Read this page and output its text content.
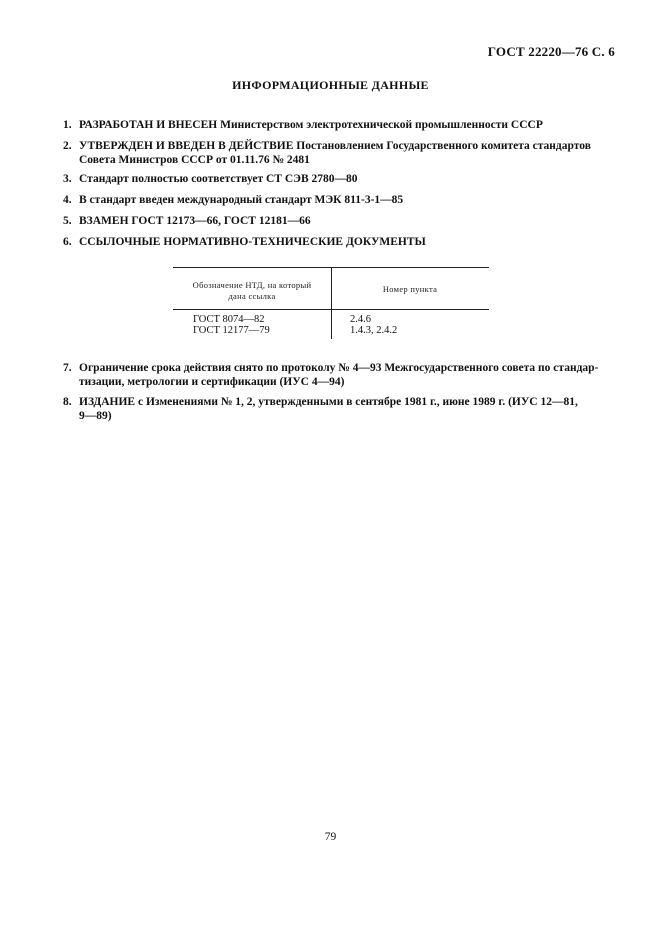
ГОСТ 22220—76 С. 6
ИНФОРМАЦИОННЫЕ ДАННЫЕ
1. РАЗРАБОТАН И ВНЕСЕН Министерством электротехнической промышленности СССР
2. УТВЕРЖДЕН И ВВЕДЕН В ДЕЙСТВИЕ Постановлением Государственного комитета стандартов
Совета Министров СССР от 01.11.76 № 2481
3. Стандарт полностью соответствует СТ СЭВ 2780—80
4. В стандарт введен международный стандарт МЭК 811-3-1—85
5. ВЗАМЕН ГОСТ 12173—66, ГОСТ 12181—66
6. ССЫЛОЧНЫЕ НОРМАТИВНО-ТЕХНИЧЕСКИЕ ДОКУМЕНТЫ
Обозначение НТД, на который
дана ссылка
Номер пункта
ГОСТ 8074—82
ГОСТ 12177—79
2.4.6
1.4.3, 2.4.2
7. Ограничение срока действия снято по протоколу № 4—93 Межгосударственного совета по стандар-
тизации, метрологии и сертификации (ИУС 4—94)
8. ИЗДАНИЕ с Изменениями № 1, 2, утвержденными в сентябре 1981 г., июне 1989 г. (ИУС 12—81,
9—89)
79
